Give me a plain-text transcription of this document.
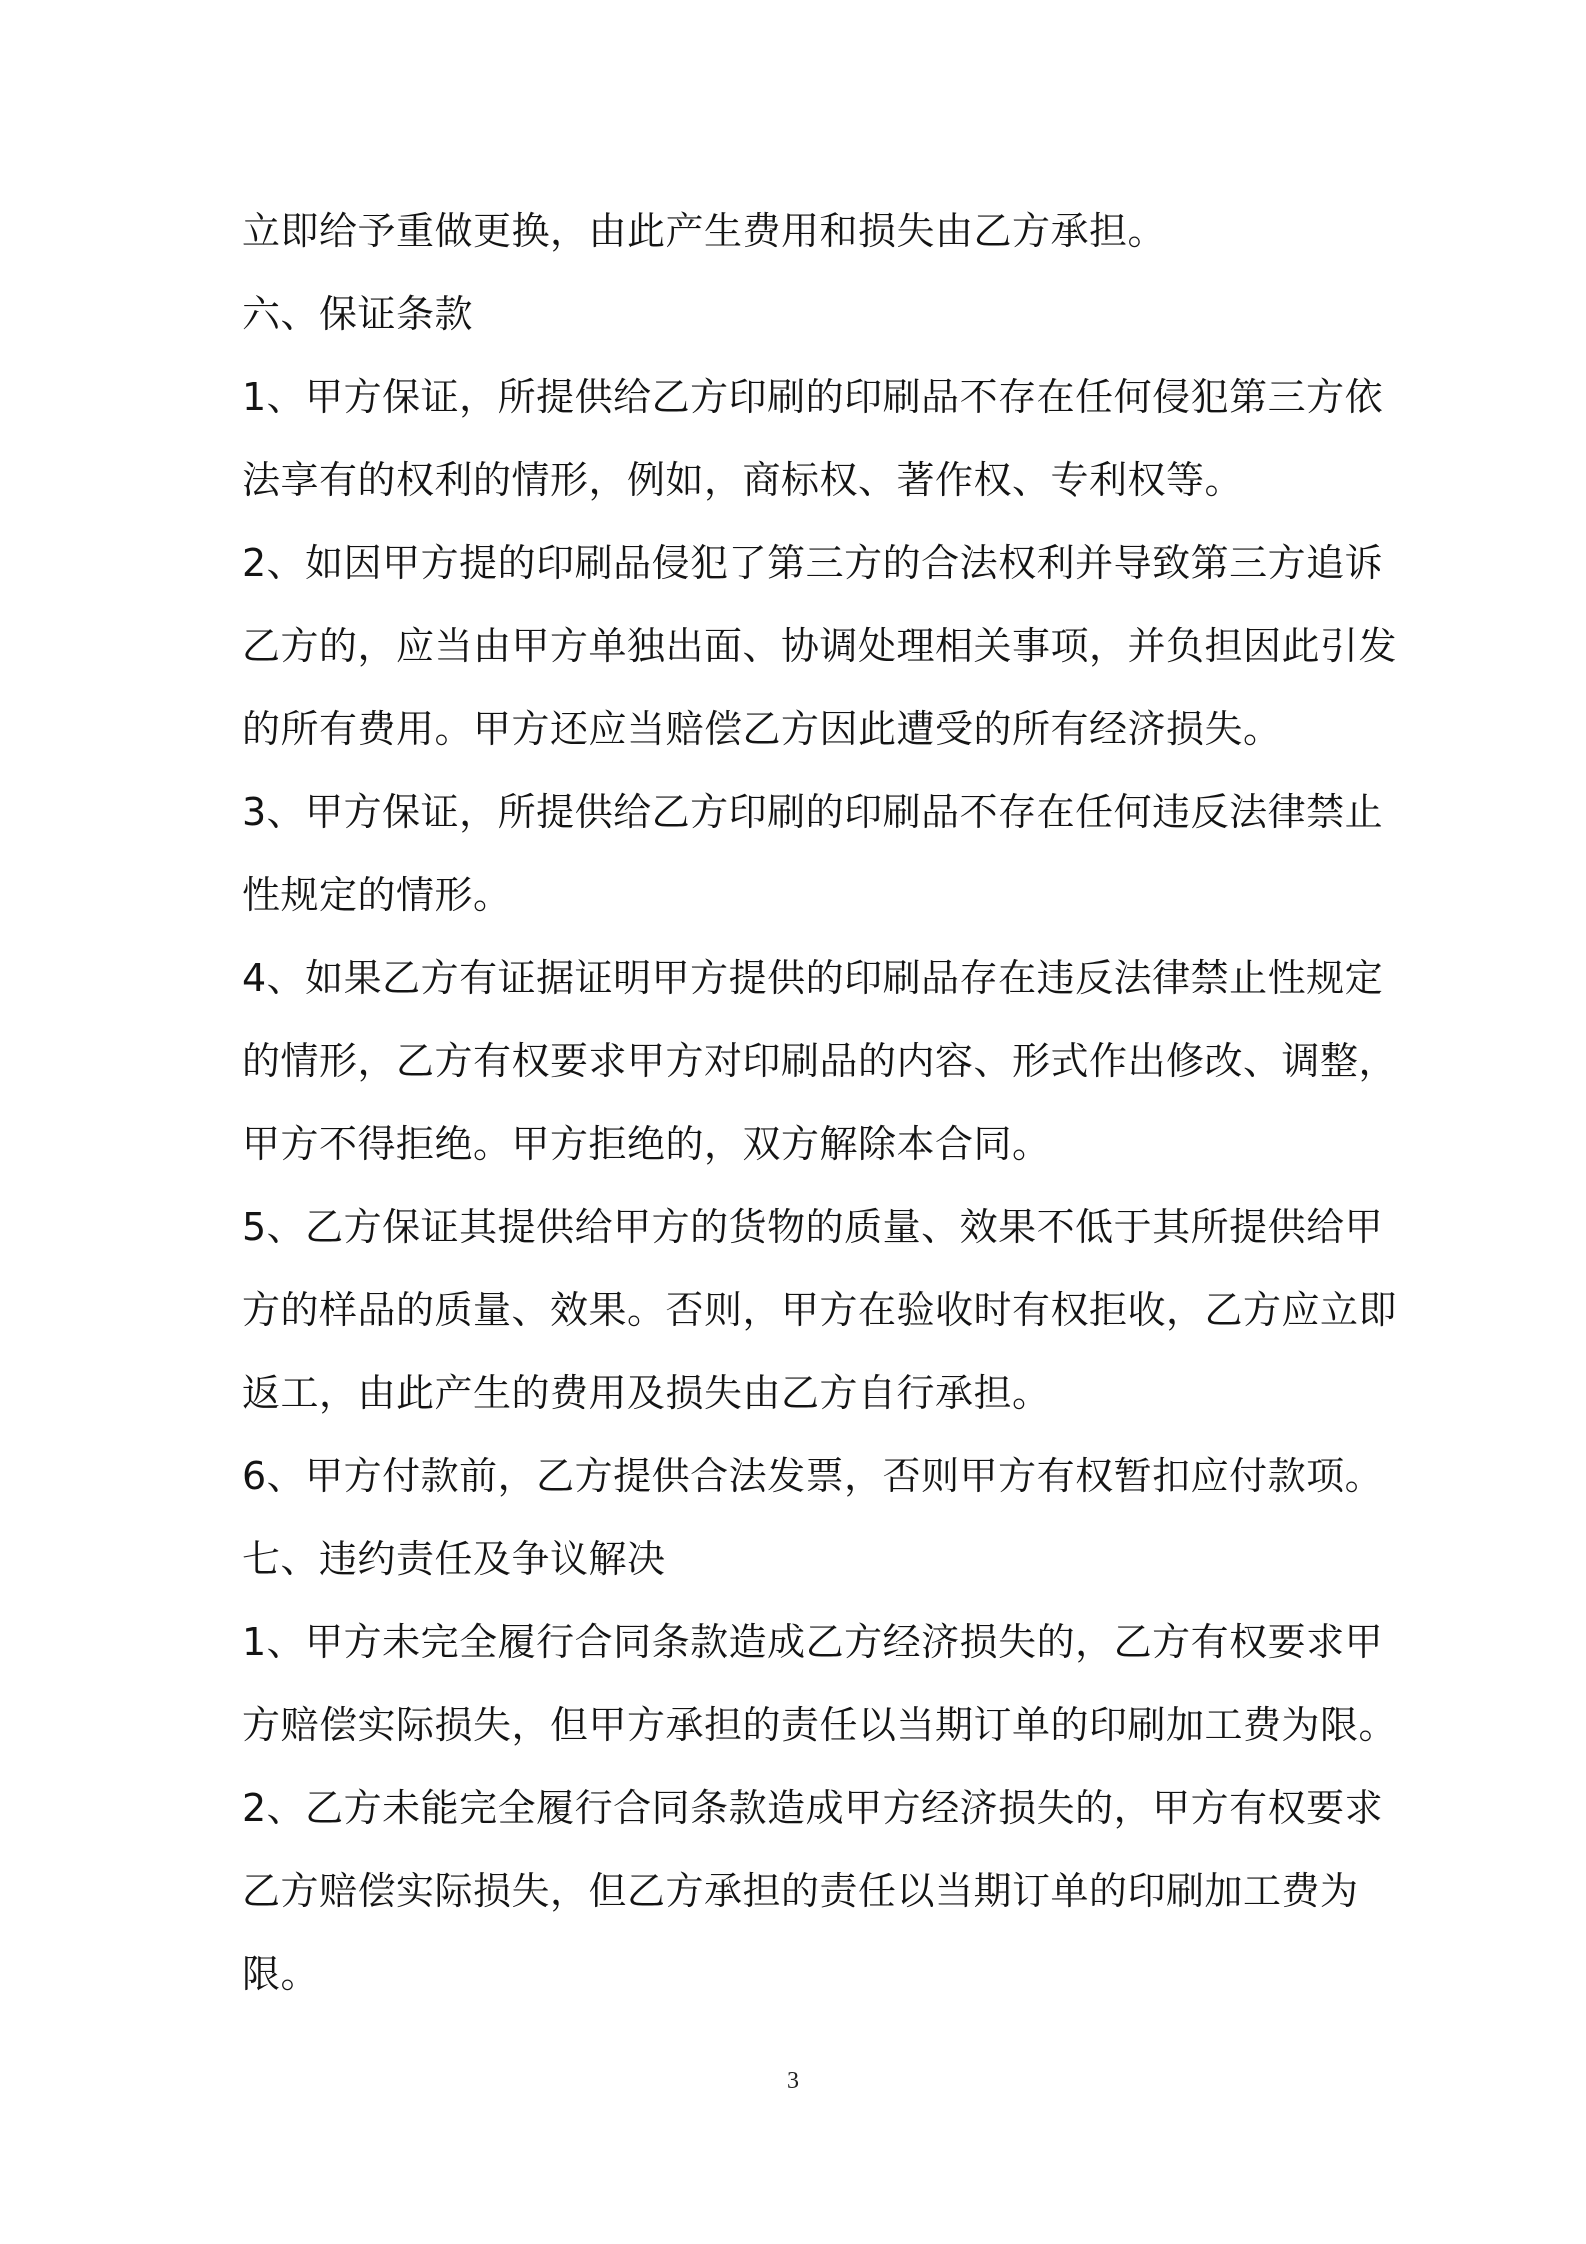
立即给予重做更换，由此产生费用和损失由乙方承担。
六、保证条款
1、甲方保证，所提供给乙方印刷的印刷品不存在任何侵犯第三方依
法享有的权利的情形，例如，商标权、著作权、专利权等。
2、如因甲方提的印刷品侵犯了第三方的合法权利并导致第三方追诉
乙方的，应当由甲方单独出面、协调处理相关事项，并负担因此引发
的所有费用。甲方还应当赔偿乙方因此遭受的所有经济损失。
3、甲方保证，所提供给乙方印刷的印刷品不存在任何违反法律禁止
性规定的情形。
4、如果乙方有证据证明甲方提供的印刷品存在违反法律禁止性规定
的情形，乙方有权要求甲方对印刷品的内容、形式作出修改、调整，
甲方不得拒绝。甲方拒绝的，双方解除本合同。
5、乙方保证其提供给甲方的货物的质量、效果不低于其所提供给甲
方的样品的质量、效果。否则，甲方在验收时有权拒收，乙方应立即
返工，由此产生的费用及损失由乙方自行承担。
6、甲方付款前，乙方提供合法发票，否则甲方有权暂扣应付款项。
七、违约责任及争议解决
1、甲方未完全履行合同条款造成乙方经济损失的，乙方有权要求甲
方赔偿实际损失，但甲方承担的责任以当期订单的印刷加工费为限。
2、乙方未能完全履行合同条款造成甲方经济损失的，甲方有权要求
乙方赔偿实际损失，但乙方承担的责任以当期订单的印刷加工费为
限。
3
